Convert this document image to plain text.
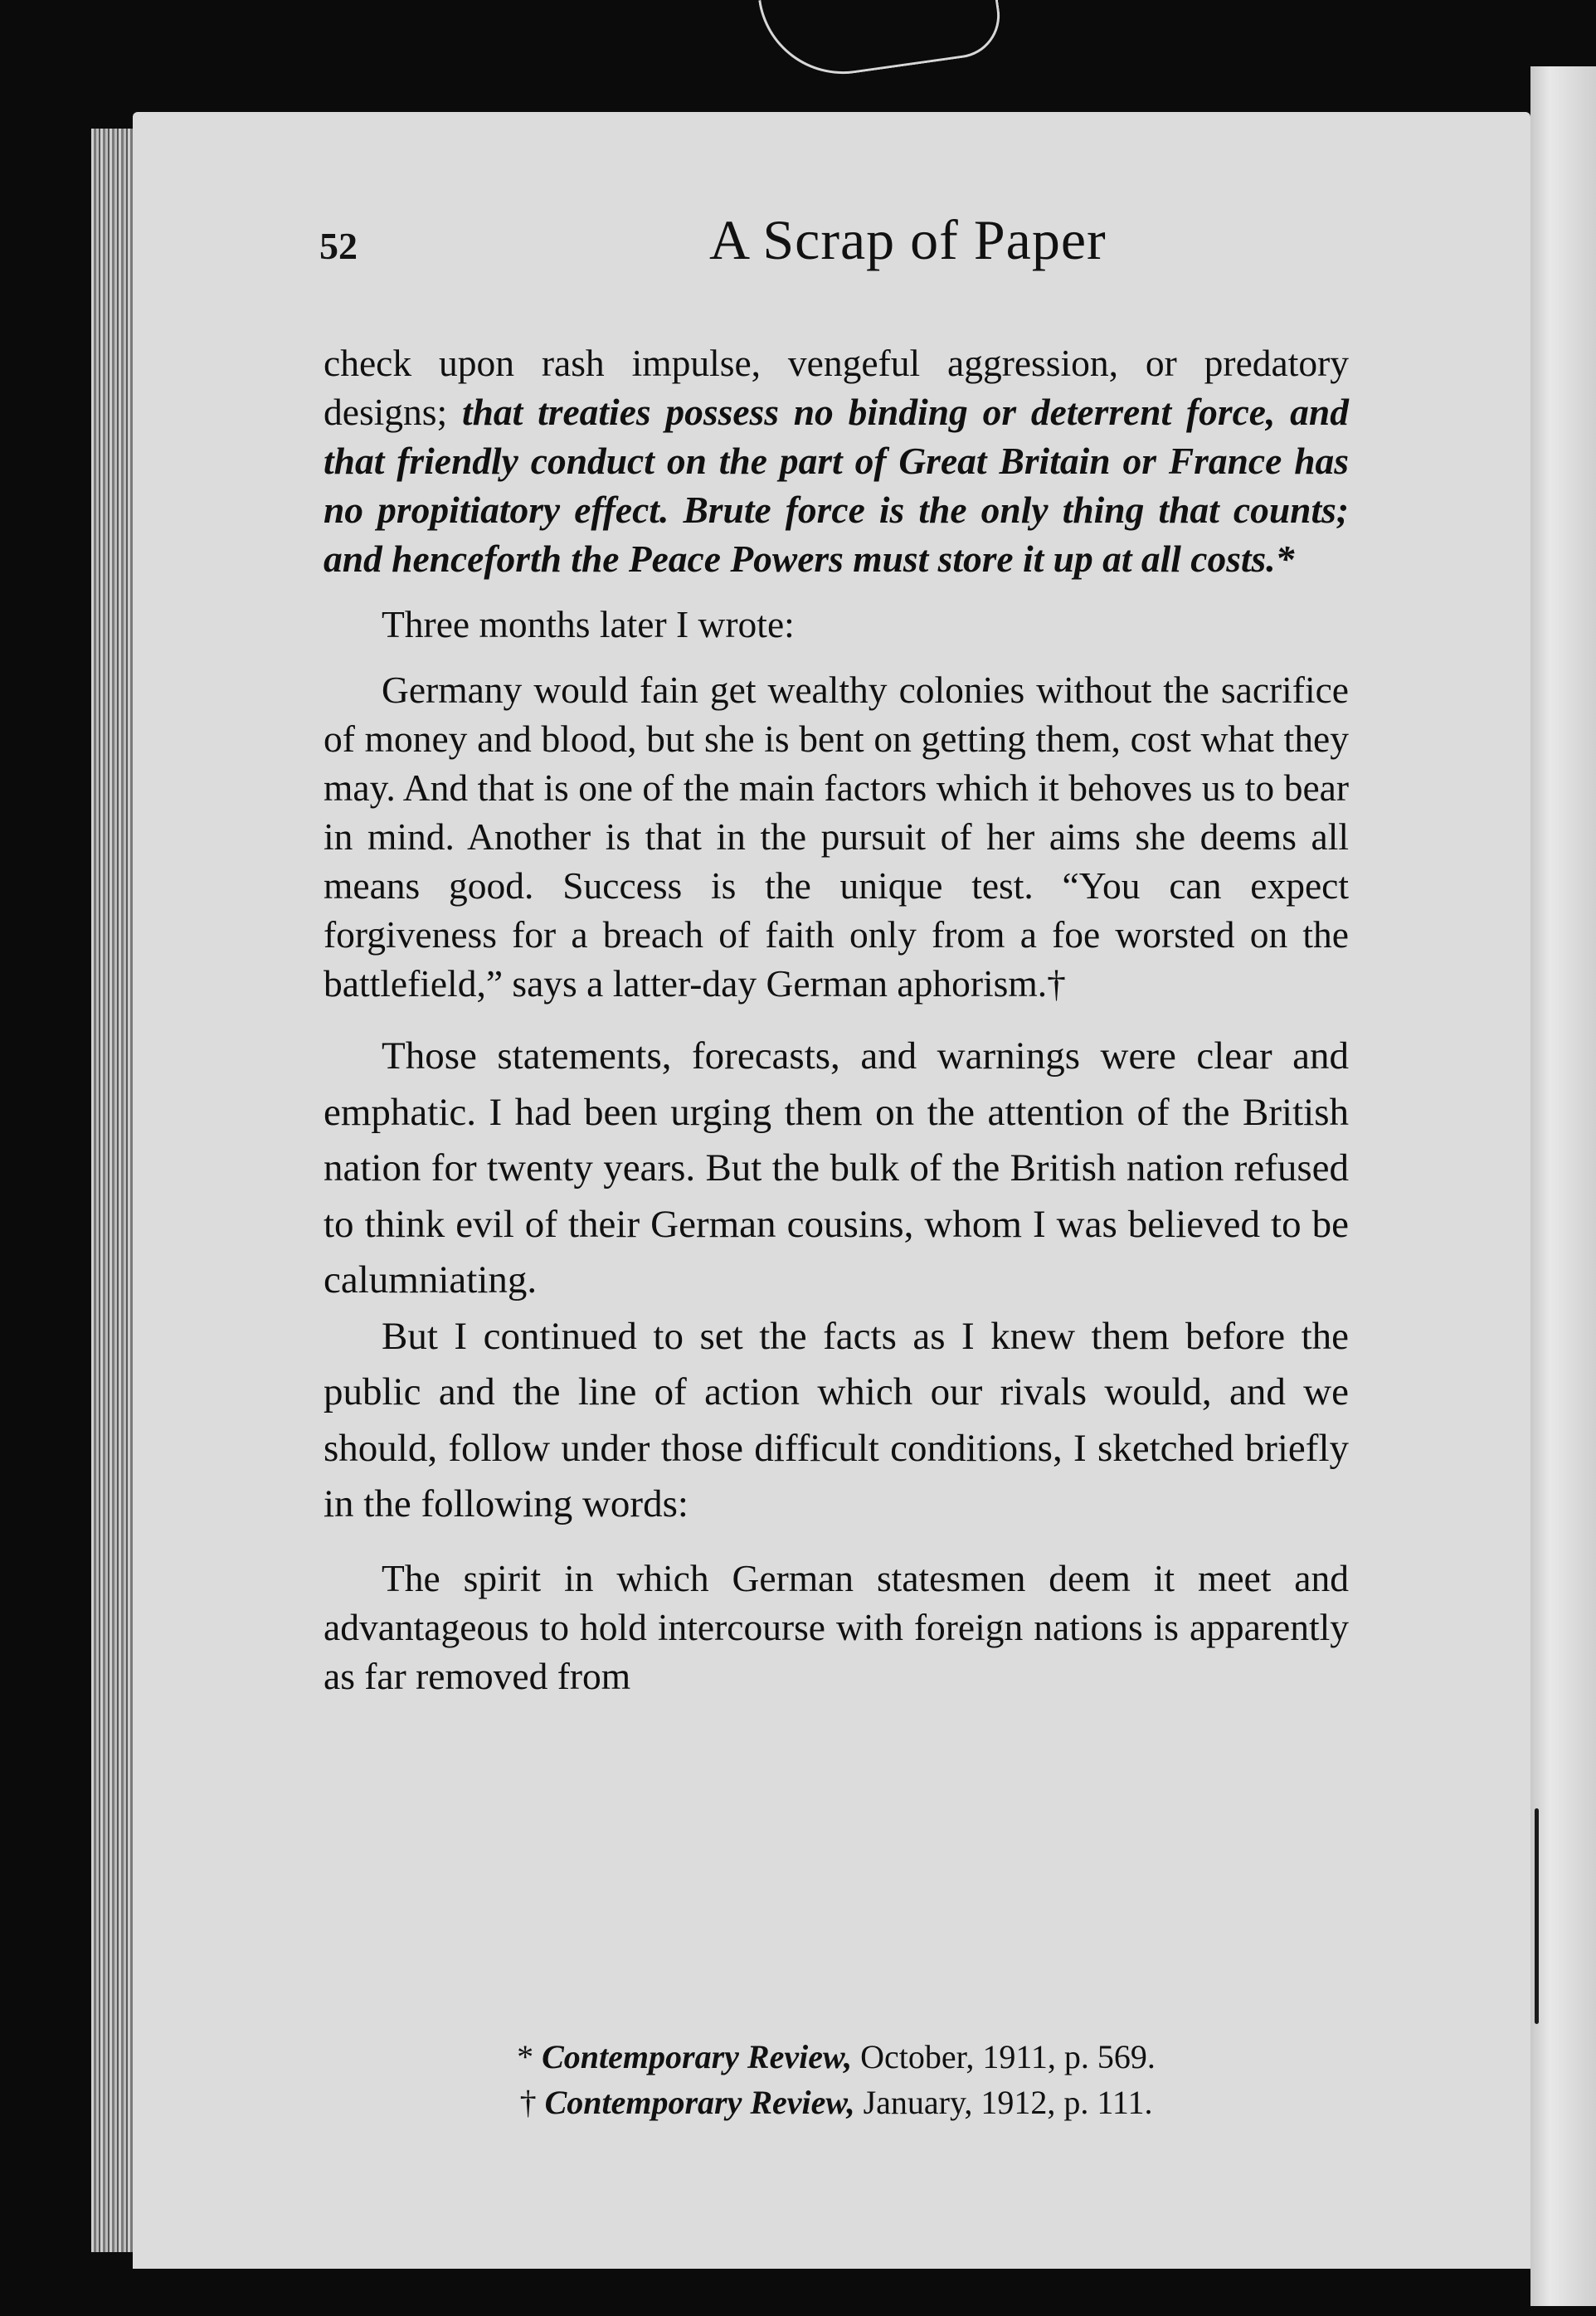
52	A Scrap of Paper

check upon rash impulse, vengeful aggression, or predatory designs; that treaties possess no binding or deterrent force, and that friendly conduct on the part of Great Britain or France has no propitiatory effect. Brute force is the only thing that counts; and henceforth the Peace Powers must store it up at all costs.*

Three months later I wrote:

Germany would fain get wealthy colonies without the sacrifice of money and blood, but she is bent on getting them, cost what they may. And that is one of the main factors which it behoves us to bear in mind. Another is that in the pursuit of her aims she deems all means good. Success is the unique test. “You can expect forgiveness for a breach of faith only from a foe worsted on the battlefield,” says a latter-day German aphorism.†

Those statements, forecasts, and warnings were clear and emphatic. I had been urging them on the attention of the British nation for twenty years. But the bulk of the British nation refused to think evil of their German cousins, whom I was believed to be calumniating.

But I continued to set the facts as I knew them before the public and the line of action which our rivals would, and we should, follow under those difficult conditions, I sketched briefly in the following words:

The spirit in which German statesmen deem it meet and advantageous to hold intercourse with foreign nations is apparently as far removed from

* Contemporary Review, October, 1911, p. 569.

† Contemporary Review, January, 1912, p. 111.
